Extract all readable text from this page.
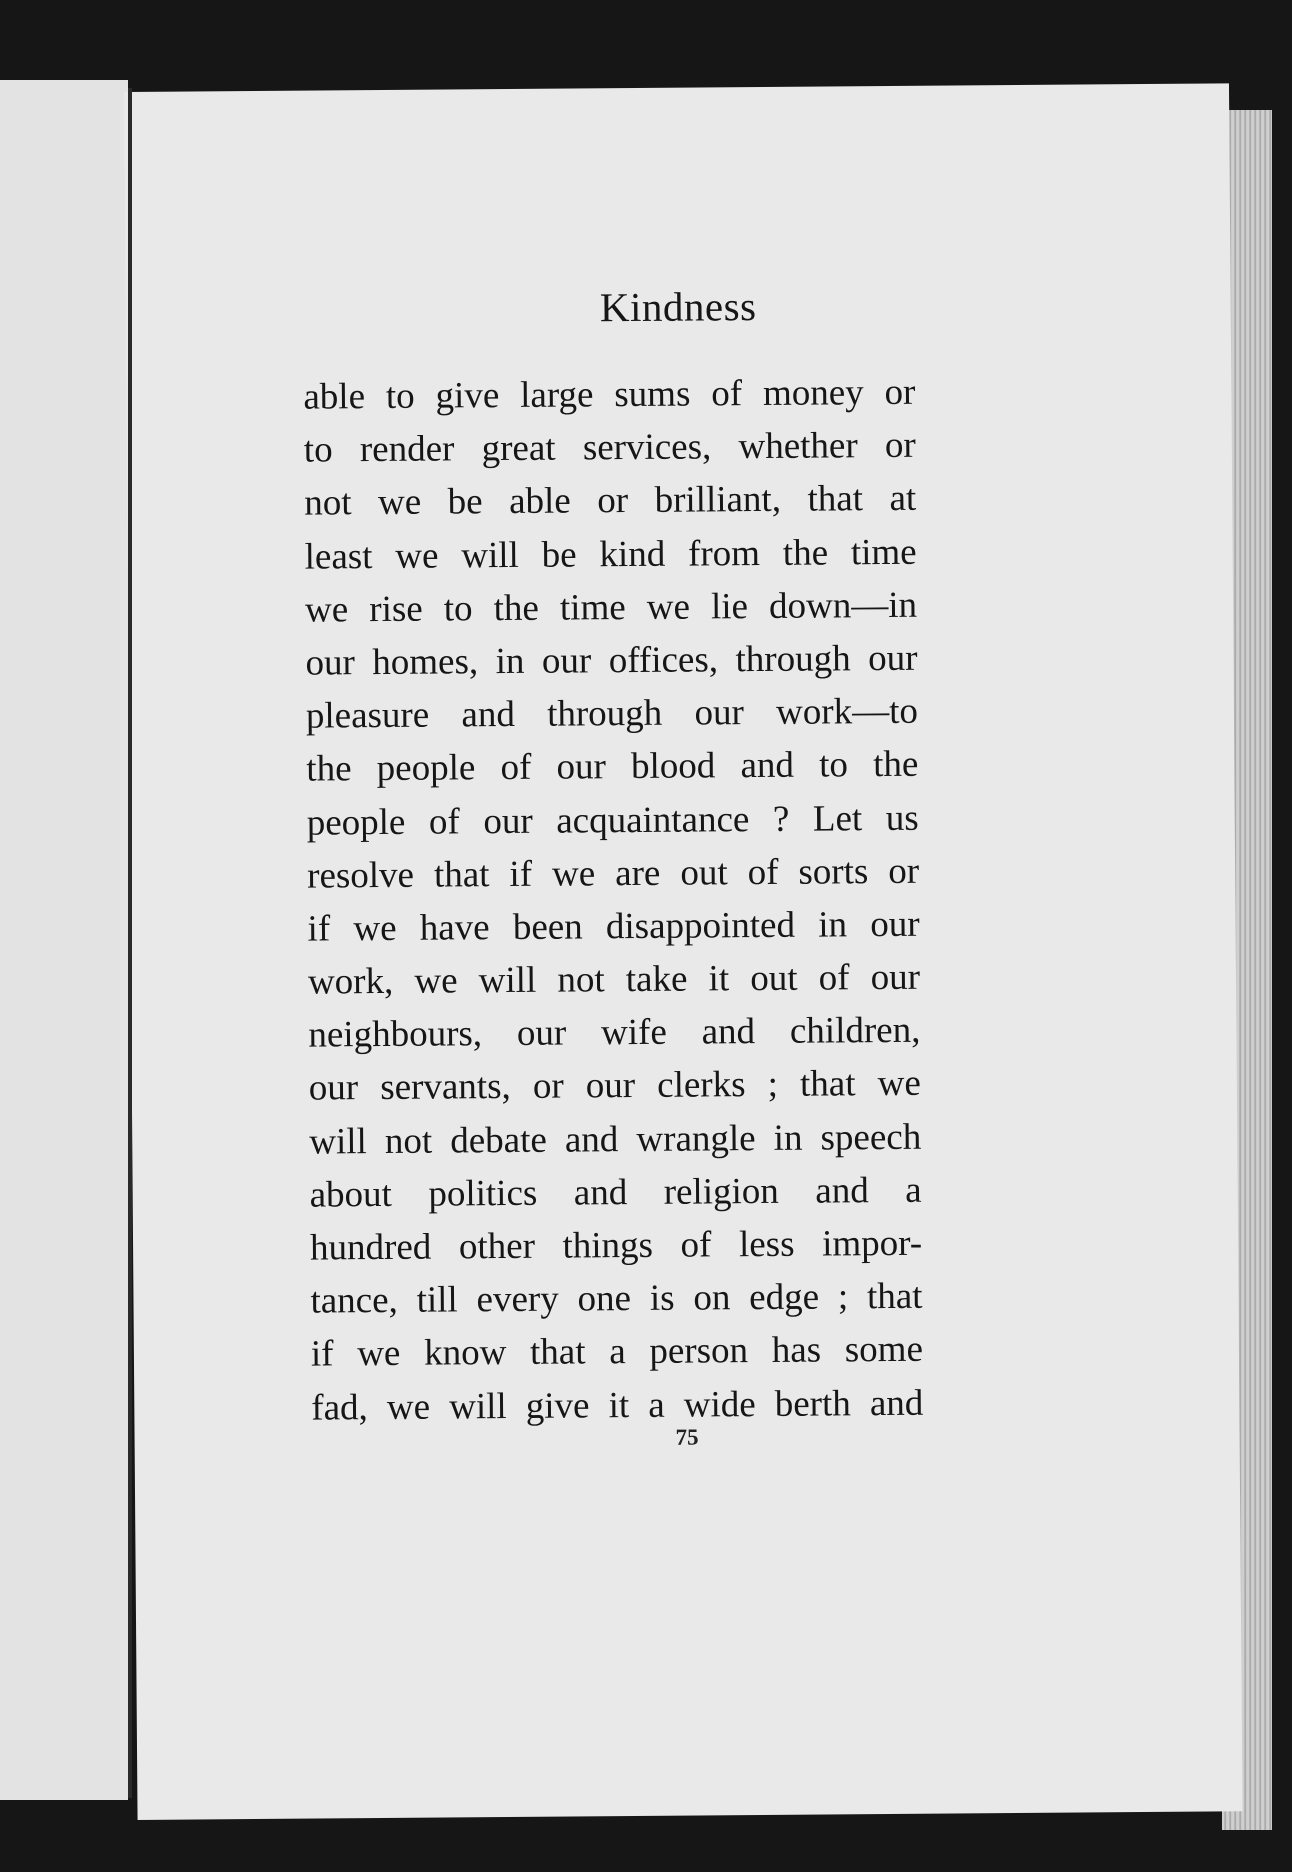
Kindness
able to give large sums of money or
to render great services, whether or
not we be able or brilliant, that at
least we will be kind from the time
we rise to the time we lie down—in
our homes, in our offices, through our
pleasure and through our work—to
the people of our blood and to the
people of our acquaintance ? Let us
resolve that if we are out of sorts or
if we have been disappointed in our
work, we will not take it out of our
neighbours, our wife and children,
our servants, or our clerks ; that we
will not debate and wrangle in speech
about politics and religion and a
hundred other things of less impor-
tance, till every one is on edge ; that
if we know that a person has some
fad, we will give it a wide berth and
75
